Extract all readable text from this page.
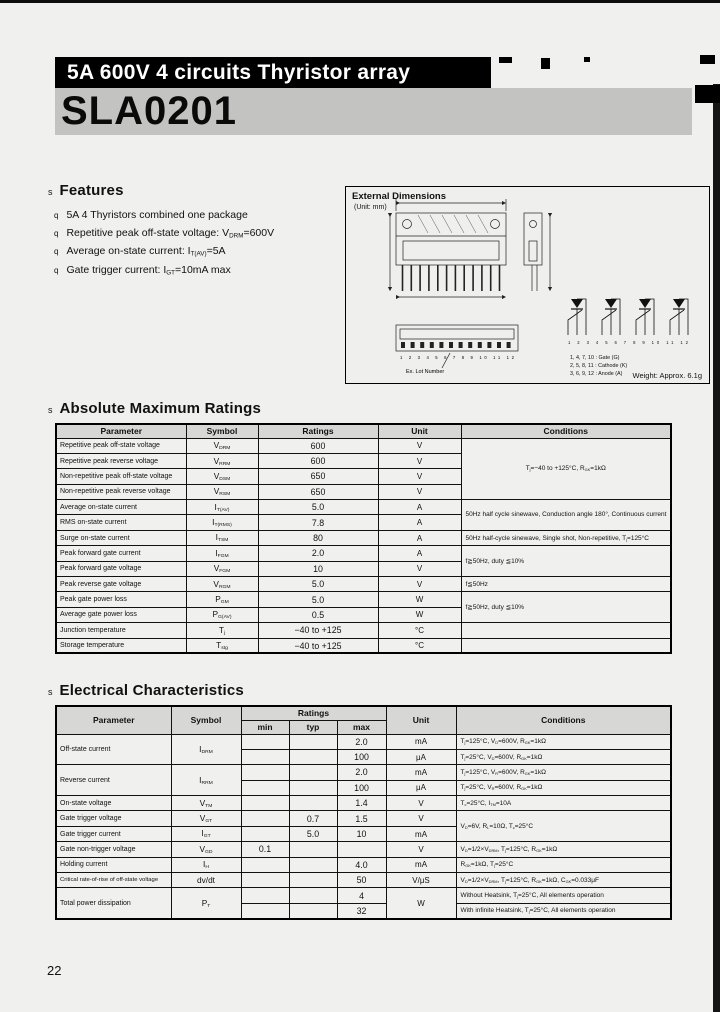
5A 600V 4 circuits Thyristor array
SLA0201
s Features
q 5A 4 Thyristors combined one package
q Repetitive peak off-state voltage: $V_{DRM}=600V$
q Average on-state current: $I_{T(AV)}=5A$
q Gate trigger current: $I_{GT}=10mA$ max
1 2 3 4 5 6 7 8 9 10 11 12
Ex. Lot Number
1 2 3 4 5 6 7 8 9 10 11 12
1, 4, 7, 10 : Gate (G)
2, 5, 8, 11 : Cathode (K)
3, 6, 9, 12 : Anode (A)
External Dimensions
(Unit: mm)
Weight: Approx. 6.1g
s Absolute Maximum Ratings
Parameter	Symbol	Ratings	Unit	Conditions
Repetitive peak off-state voltage	$V_{DRM}$	600	V	$T_j=-40$ to +125°C, $R_{GK}=1k\Omega$
Repetitive peak reverse voltage	$V_{RRM}$	600	V	
Non-repetitive peak off-state voltage	$V_{DSM}$	650	V	
Non-repetitive peak reverse voltage	$V_{RSM}$	650	V	
Average on-state current	$I_{T(AV)}$	5.0	A	50Hz half cycle sinewave, Conduction angle 180°, Continuous current
RMS on-state current	$I_{T(RMS)}$	7.8	A	
Surge on-state current	$I_{TSM}$	80	A	50Hz half-cycle sinewave, Single shot, Non-repetitive, $T_j=125^\circ C$
Peak forward gate current	$I_{FGM}$	2.0	A	f≧50Hz, duty ≦10%
Peak forward gate voltage	$V_{FGM}$	10	V	
Peak reverse gate voltage	$V_{RGM}$	5.0	V	f≦50Hz
Peak gate power loss	$P_{GM}$	5.0	W	f≧50Hz, duty ≦10%
Average gate power loss	$P_{G(AV)}$	0.5	W	
Junction temperature	$T_j$	−40 to +125	°C	
Storage temperature	$T_{stg}$	−40 to +125	°C	
s Electrical Characteristics
Parameter	Symbol	Ratings			Unit	Conditions
		min	typ	max		
Off-state current	$I_{DRM}$			2.0	mA	$T_j=125^\circ C$, $V_D=600V$, $R_{GK}=1k\Omega$
				100	μA	$T_j=25^\circ C$, $V_D=600V$, $R_{GK}=1k\Omega$
Reverse current	$I_{RRM}$			2.0	mA	$T_j=125^\circ C$, $V_R=600V$, $R_{GK}=1k\Omega$
				100	μA	$T_j=25^\circ C$, $V_R=600V$, $R_{GK}=1k\Omega$
On-state voltage	$V_{TM}$			1.4	V	$T_c=25^\circ C$, $I_{TM}=10A$
Gate trigger voltage	$V_{GT}$		0.7	1.5	V	$V_D=6V$, $R_L=10\Omega$, $T_c=25^\circ C$
Gate trigger current	$I_{GT}$		5.0	10	mA	
Gate non-trigger voltage	$V_{GD}$	0.1			V	$V_D=1/2\times V_{DRM}$, $T_j=125^\circ C$, $R_{GK}=1k\Omega$
Holding current	$I_H$			4.0	mA	$R_{GK}=1k\Omega$, $T_j=25^\circ C$
Critical rate-of-rise of off-state voltage	dv/dt			50	V/μS	$V_D=1/2\times V_{DRM}$, $T_j=125^\circ C$, $R_{GK}=1k\Omega$, $C_{GK}=0.033\mu F$
Total power dissipation	$P_T$			4	W	Without Heatsink, $T_j=25^\circ C$, All elements operation
				32		With infinite Heatsink, $T_j=25^\circ C$, All elements operation
22
